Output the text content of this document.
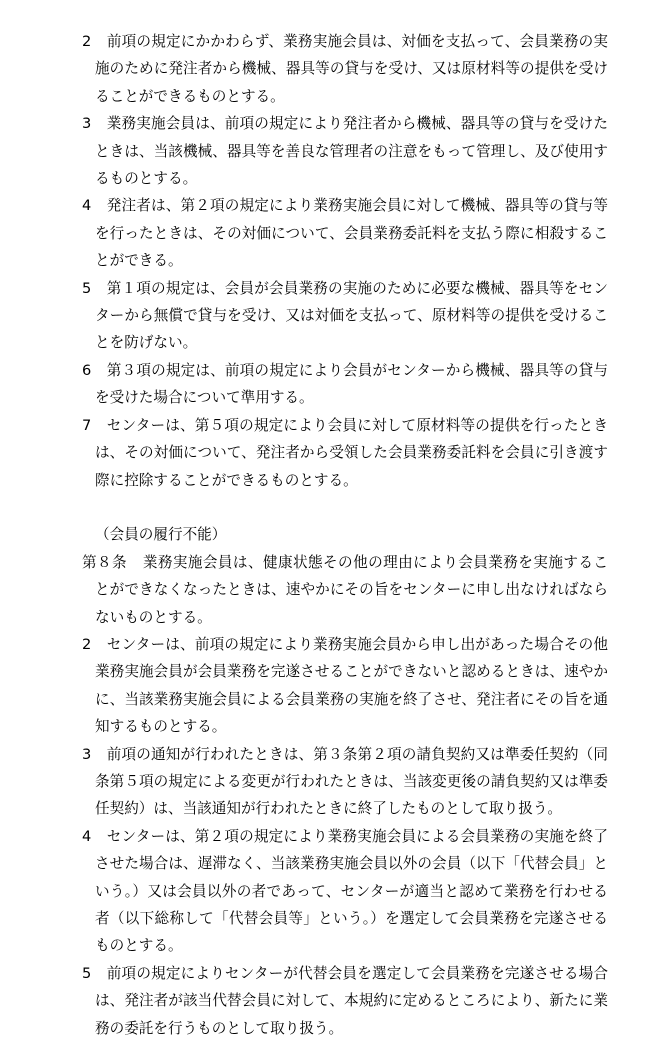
2 前項の規定にかかわらず、業務実施会員は、対価を支払って、会員業務の実施のために発注者から機械、器具等の貸与を受け、又は原材料等の提供を受けることができるものとする。

3 業務実施会員は、前項の規定により発注者から機械、器具等の貸与を受けたときは、当該機械、器具等を善良な管理者の注意をもって管理し、及び使用するものとする。

4 発注者は、第２項の規定により業務実施会員に対して機械、器具等の貸与等を行ったときは、その対価について、会員業務委託料を支払う際に相殺することができる。

5 第１項の規定は、会員が会員業務の実施のために必要な機械、器具等をセンターから無償で貸与を受け、又は対価を支払って、原材料等の提供を受けることを防げない。

6 第３項の規定は、前項の規定により会員がセンターから機械、器具等の貸与を受けた場合について準用する。

7 センターは、第５項の規定により会員に対して原材料等の提供を行ったときは、その対価について、発注者から受領した会員業務委託料を会員に引き渡す際に控除することができるものとする。

（会員の履行不能）

第８条 業務実施会員は、健康状態その他の理由により会員業務を実施することができなくなったときは、速やかにその旨をセンターに申し出なければならないものとする。

2 センターは、前項の規定により業務実施会員から申し出があった場合その他業務実施会員が会員業務を完遂させることができないと認めるときは、速やかに、当該業務実施会員による会員業務の実施を終了させ、発注者にその旨を通知するものとする。

3 前項の通知が行われたときは、第３条第２項の請負契約又は準委任契約（同条第５項の規定による変更が行われたときは、当該変更後の請負契約又は準委任契約）は、当該通知が行われたときに終了したものとして取り扱う。

4 センターは、第２項の規定により業務実施会員による会員業務の実施を終了させた場合は、遅滞なく、当該業務実施会員以外の会員（以下「代替会員」という。）又は会員以外の者であって、センターが適当と認めて業務を行わせる者（以下総称して「代替会員等」という。）を選定して会員業務を完遂させるものとする。

5 前項の規定によりセンターが代替会員を選定して会員業務を完遂させる場合は、発注者が該当代替会員に対して、本規約に定めるところにより、新たに業務の委託を行うものとして取り扱う。
